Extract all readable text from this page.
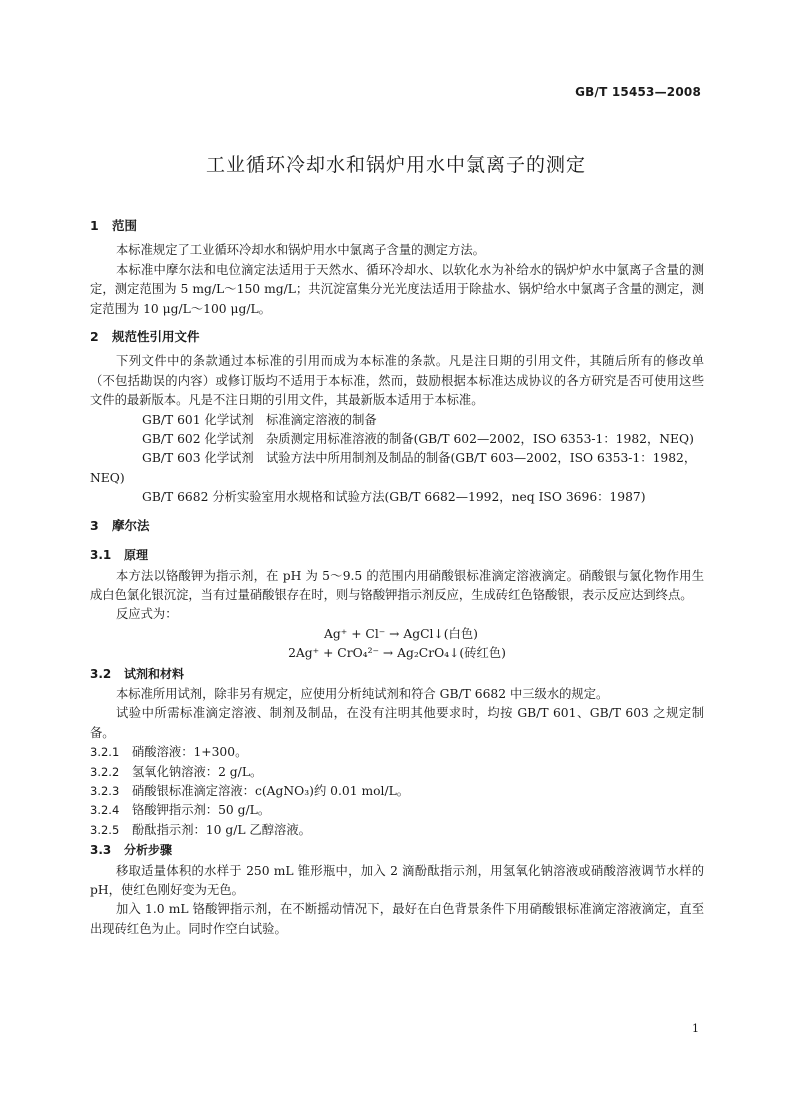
GB/T 15453—2008
工业循环冷却水和锅炉用水中氯离子的测定
1 范围

本标准规定了工业循环冷却水和锅炉用水中氯离子含量的测定方法。

本标准中摩尔法和电位滴定法适用于天然水、循环冷却水、以软化水为补给水的锅炉炉水中氯离子含量的测定，测定范围为 5 mg/L～150 mg/L；共沉淀富集分光光度法适用于除盐水、锅炉给水中氯离子含量的测定，测定范围为 10 μg/L～100 μg/L。

2 规范性引用文件

下列文件中的条款通过本标准的引用而成为本标准的条款。凡是注日期的引用文件，其随后所有的修改单（不包括勘误的内容）或修订版均不适用于本标准，然而，鼓励根据本标准达成协议的各方研究是否可使用这些文件的最新版本。凡是不注日期的引用文件，其最新版本适用于本标准。

GB/T 601 化学试剂　标准滴定溶液的制备

GB/T 602 化学试剂　杂质测定用标准溶液的制备(GB/T 602—2002，ISO 6353-1：1982，NEQ)

GB/T 603 化学试剂　试验方法中所用制剂及制品的制备(GB/T 603—2002，ISO 6353-1：1982，NEQ)

GB/T 6682 分析实验室用水规格和试验方法(GB/T 6682—1992，neq ISO 3696：1987)

3 摩尔法
3.1 原理

本方法以铬酸钾为指示剂，在 pH 为 5～9.5 的范围内用硝酸银标准滴定溶液滴定。硝酸银与氯化物作用生成白色氯化银沉淀，当有过量硝酸银存在时，则与铬酸钾指示剂反应，生成砖红色铬酸银，表示反应达到终点。

反应式为：

Ag⁺ + Cl⁻ → AgCl↓(白色)

2Ag⁺ + CrO₄²⁻ → Ag₂CrO₄↓(砖红色)

3.2 试剂和材料

本标准所用试剂，除非另有规定，应使用分析纯试剂和符合 GB/T 6682 中三级水的规定。

试验中所需标准滴定溶液、制剂及制品，在没有注明其他要求时，均按 GB/T 601、GB/T 603 之规定制备。

3.2.1 硝酸溶液：1+300。

3.2.2 氢氧化钠溶液：2 g/L。

3.2.3 硝酸银标准滴定溶液：c(AgNO₃)约 0.01 mol/L。

3.2.4 铬酸钾指示剂：50 g/L。

3.2.5 酚酞指示剂：10 g/L 乙醇溶液。

3.3 分析步骤

移取适量体积的水样于 250 mL 锥形瓶中，加入 2 滴酚酞指示剂，用氢氧化钠溶液或硝酸溶液调节水样的 pH，使红色刚好变为无色。

加入 1.0 mL 铬酸钾指示剂，在不断摇动情况下，最好在白色背景条件下用硝酸银标准滴定溶液滴定，直至出现砖红色为止。同时作空白试验。

1
